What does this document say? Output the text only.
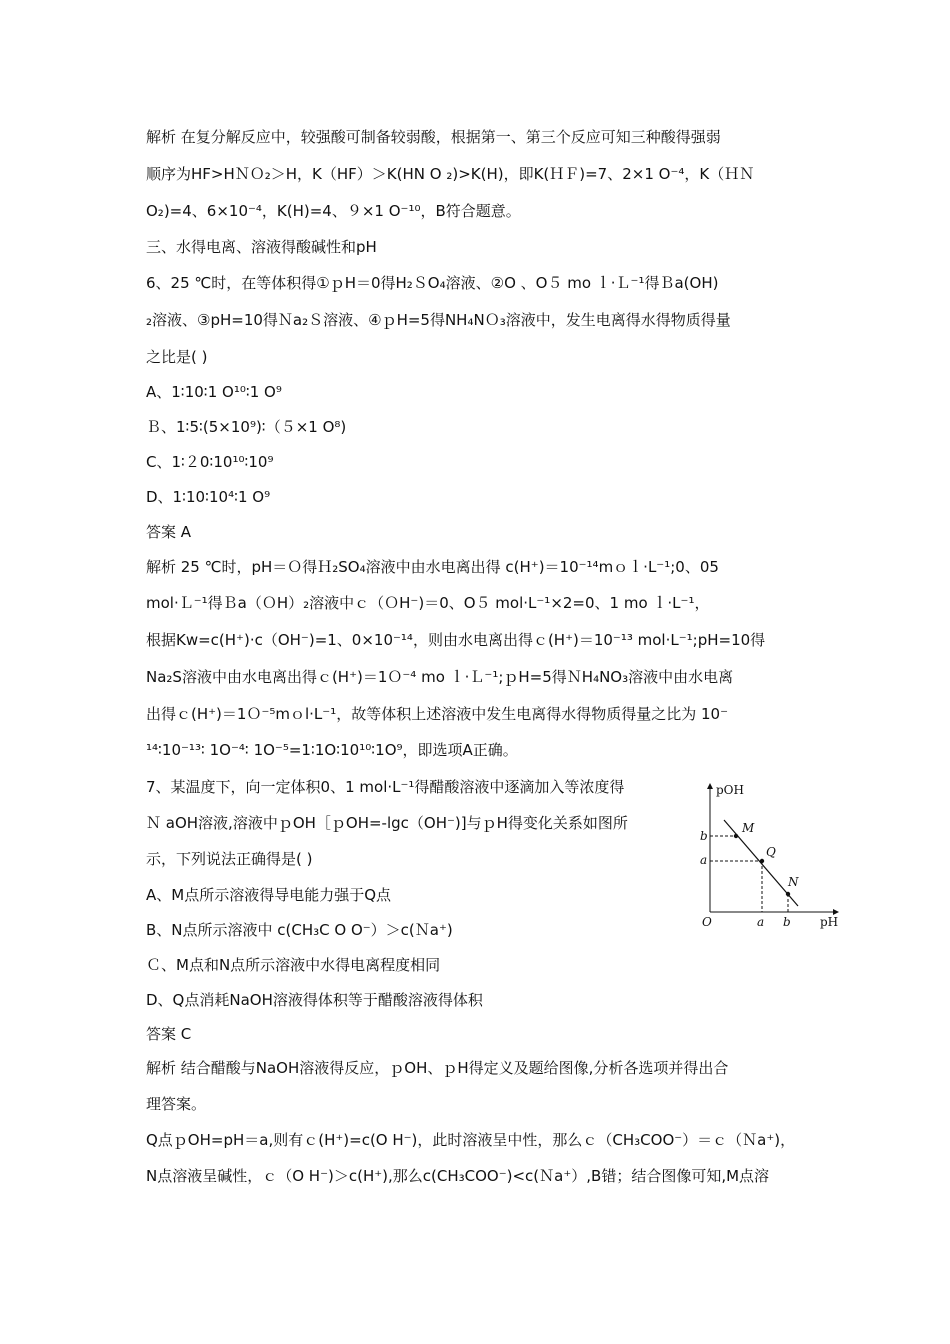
解析 在复分解反应中，较强酸可制备较弱酸，根据第一、第三个反应可知三种酸得强弱
顺序为HF>HＮＯ₂＞H，K（HF）＞K(HN O ₂)>K(H)，即K(ＨＦ)=7、2×1 O⁻⁴，K（ＨＮ
O₂)=4、6×10⁻⁴，K(H)=4、９×1 O⁻¹⁰，B符合题意。
三、水得电离、溶液得酸碱性和pH
6、25 ℃时，在等体积得①ｐH＝0得H₂ＳO₄溶液、②O 、O５ mo ｌ·Ｌ⁻¹得Ｂa(OH)
₂溶液、③pH=10得Ｎa₂Ｓ溶液、④ｐH=5得NH₄NＯ₃溶液中，发生电离得水得物质得量
之比是( )
A、1∶10∶1 O¹⁰∶1 O⁹
Ｂ、1∶5∶(5×10⁹)∶（５×1 O⁸)
C、1∶２0∶10¹⁰∶10⁹
D、1∶10∶10⁴∶1 O⁹
答案 A
解析 25 ℃时，pH＝Ｏ得Ｈ₂SO₄溶液中由水电离出得 c(H⁺)＝10⁻¹⁴mｏｌ·L⁻¹;0、05
mol·Ｌ⁻¹得Ｂa（ＯH）₂溶液中ｃ（ＯH⁻)＝0、O５ mol·L⁻¹×2=0、1 mo ｌ·L⁻¹，
根据Kw=c(H⁺)·c（OH⁻)=1、0×10⁻¹⁴，则由水电离出得ｃ(H⁺)＝10⁻¹³ mol·L⁻¹;pH=10得
Na₂S溶液中由水电离出得ｃ(H⁺)＝1Ｏ⁻⁴ mo ｌ·Ｌ⁻¹;ｐH=5得ＮH₄NO₃溶液中由水电离
出得ｃ(H⁺)＝1Ｏ⁻⁵mｏl·L⁻¹，故等体积上述溶液中发生电离得水得物质得量之比为 10⁻
¹⁴∶10⁻¹³∶ 1O⁻⁴∶ 1O⁻⁵=1∶1O∶10¹⁰∶1O⁹，即选项A正确。
7、某温度下，向一定体积0、1 mol·L⁻¹得醋酸溶液中逐滴加入等浓度得
Ｎ aOH溶液,溶液中ｐOH［ｐOH=-lgc（OH⁻)]与ｐH得变化关系如图所
示，下列说法正确得是( )
A、M点所示溶液得导电能力强于Q点
B、N点所示溶液中 c(CH₃C O O⁻）＞c(Ｎa⁺)
Ｃ、M点和N点所示溶液中水得电离程度相同
D、Q点消耗NaOH溶液得体积等于醋酸溶液得体积
答案 C
解析 结合醋酸与NaOH溶液得反应，ｐOH、ｐH得定义及题给图像,分析各选项并得出合
理答案。
Q点ｐOH=pH＝a,则有ｃ(H⁺)=c(O H⁻)，此时溶液呈中性，那么ｃ（CH₃COO⁻）＝ｃ（Ｎa⁺)，
N点溶液呈碱性，ｃ（O H⁻)＞c(H⁺),那么c(CH₃COO⁻)<c(Ｎa⁺）,B错；结合图像可知,M点溶
pOH
pH
O
b
a
a b
M
Q
N
